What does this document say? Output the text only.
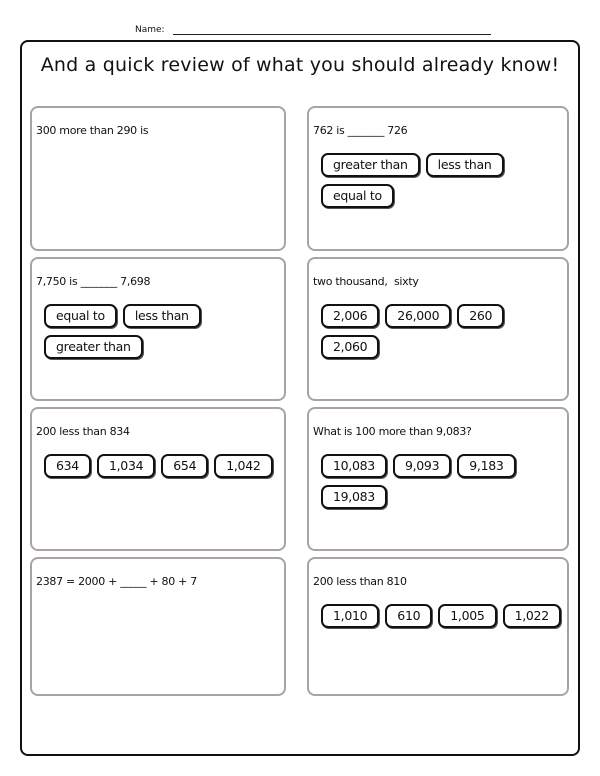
Name:
And a quick review of what you should already know!
300 more than 290 is	762 is _______ 726
greater than	less than
equal to
7,750 is _______ 7,698
equal to	less than
greater than
two thousand,  sixty
2,006	26,000	260
2,060
200 less than 834
634	1,034	654	1,042
What is 100 more than 9,083?
10,083	9,093	9,183
19,083
2387 = 2000 + _____ + 80 + 7	200 less than 810
1,010	610	1,005	1,022
